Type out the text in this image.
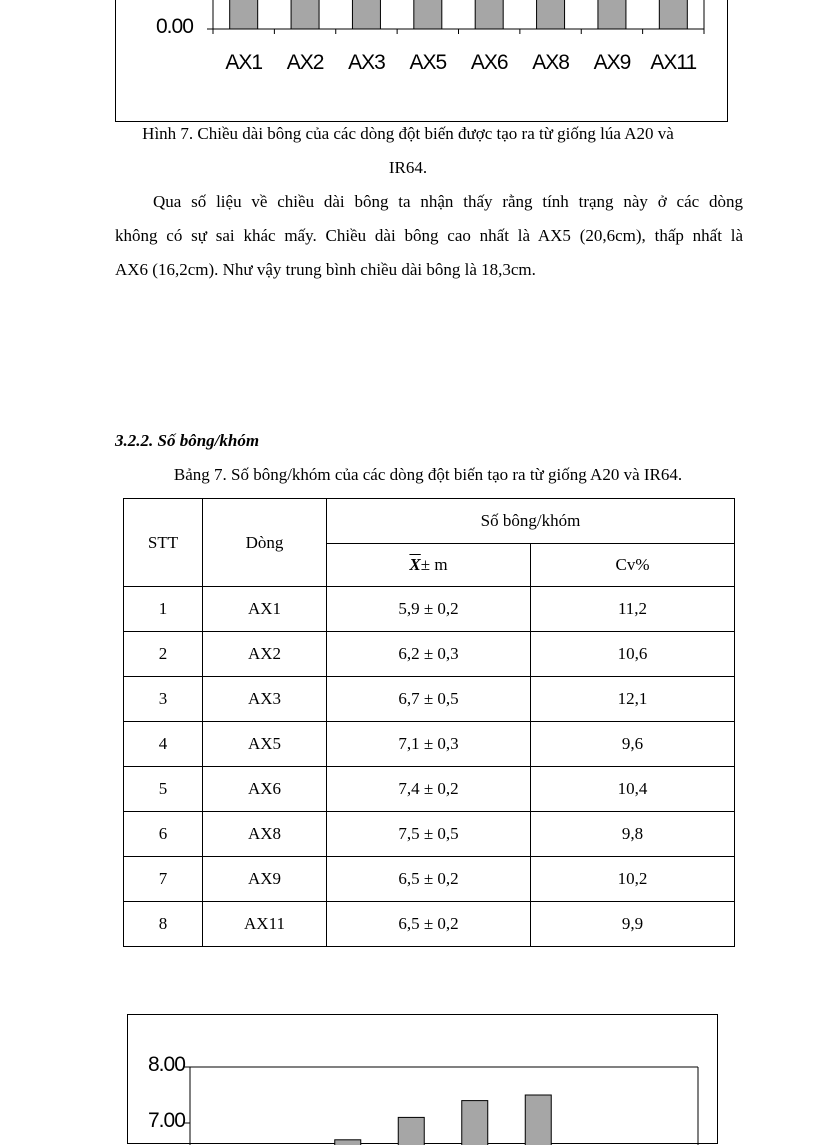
0.00
AX1	AX2	AX3	AX5	AX6	AX8	AX9 AX11
Hình 7. Chiều dài bông của các dòng đột biến được tạo ra từ giống lúa A20 và
IR64.
Qua số liệu về chiều dài bông ta nhận thấy rằng tính trạng này ở các dòng
không có sự sai khác mấy. Chiều dài bông cao nhất là AX5 (20,6cm), thấp nhất là
AX6 (16,2cm). Như vậy trung bình chiều dài bông là 18,3cm.
3.2.2. Số bông/khóm
Bảng 7. Số bông/khóm của các dòng đột biến tạo ra từ giống A20 và IR64.
STT	Dòng	Số bông/khóm	
		$\overline{X}\pm m$	Cv%
1	AX1	5,9 ± 0,2	11,2
2	AX2	6,2 ± 0,3	10,6
3	AX3	6,7 ± 0,5	12,1
4	AX5	7,1 ± 0,3	9,6
5	AX6	7,4 ± 0,2	10,4
6	AX8	7,5 ± 0,5	9,8
7	AX9	6,5 ± 0,2	10,2
8	AX11	6,5 ± 0,2	9,9
8.00
7.00
